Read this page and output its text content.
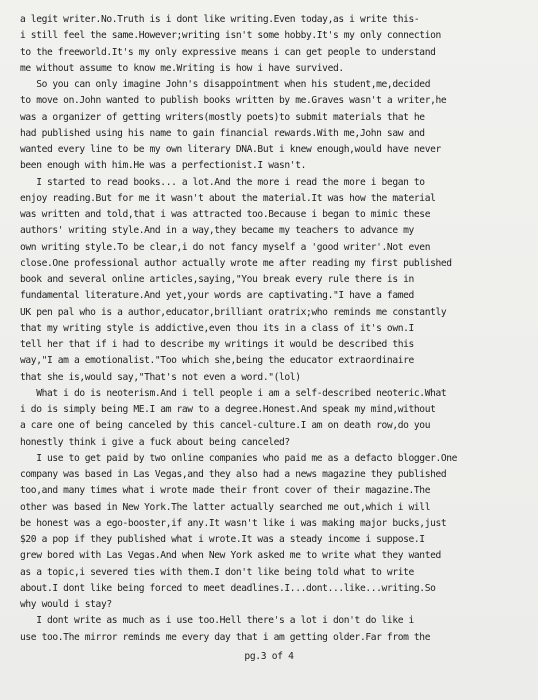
a legit writer.No.Truth is i dont like writing.Even today,as i write this-
i still feel the same.However;writing isn't some hobby.It's my only connection
to the freeworld.It's my only expressive means i can get people to understand
me without assume to know me.Writing is how i have survived.
So you can only imagine John's disappointment when his student,me,decided
to move on.John wanted to publish books written by me.Graves wasn't a writer,he
was a organizer of getting writers(mostly poets)to submit materials that he
had published using his name to gain financial rewards.With me,John saw and
wanted every line to be my own literary DNA.But i knew enough,would have never
been enough with him.He was a perfectionist.I wasn't.
I started to read books... a lot.And the more i read the more i began to
enjoy reading.But for me it wasn't about the material.It was how the material
was written and told,that i was attracted too.Because i began to mimic these
authors' writing style.And in a way,they became my teachers to advance my
own writing style.To be clear,i do not fancy myself a 'good writer'.Not even
close.One professional author actually wrote me after reading my first published
book and several online articles,saying,"You break every rule there is in
fundamental literature.And yet,your words are captivating."I have a famed
UK pen pal who is a author,educator,brilliant oratrix;who reminds me constantly
that my writing style is addictive,even thou its in a class of it's own.I
tell her that if i had to describe my writings it would be described this
way,"I am a emotionalist."Too which she,being the educator extraordinaire
that she is,would say,"That's not even a word."(lol)
What i do is neoterism.And i tell people i am a self-described neoteric.What
i do is simply being ME.I am raw to a degree.Honest.And speak my mind,without
a care one of being canceled by this cancel-culture.I am on death row,do you
honestly think i give a fuck about being canceled?
I use to get paid by two online companies who paid me as a defacto blogger.One
company was based in Las Vegas,and they also had a news magazine they published
too,and many times what i wrote made their front cover of their magazine.The
other was based in New York.The latter actually searched me out,which i will
be honest was a ego-booster,if any.It wasn't like i was making major bucks,just
$20 a pop if they published what i wrote.It was a steady income i suppose.I
grew bored with Las Vegas.And when New York asked me to write what they wanted
as a topic,i severed ties with them.I don't like being told what to write
about.I dont like being forced to meet deadlines.I...dont...like...writing.So
why would i stay?
I dont write as much as i use too.Hell there's a lot i don't do like i
use too.The mirror reminds me every day that i am getting older.Far from the
pg.3 of 4
